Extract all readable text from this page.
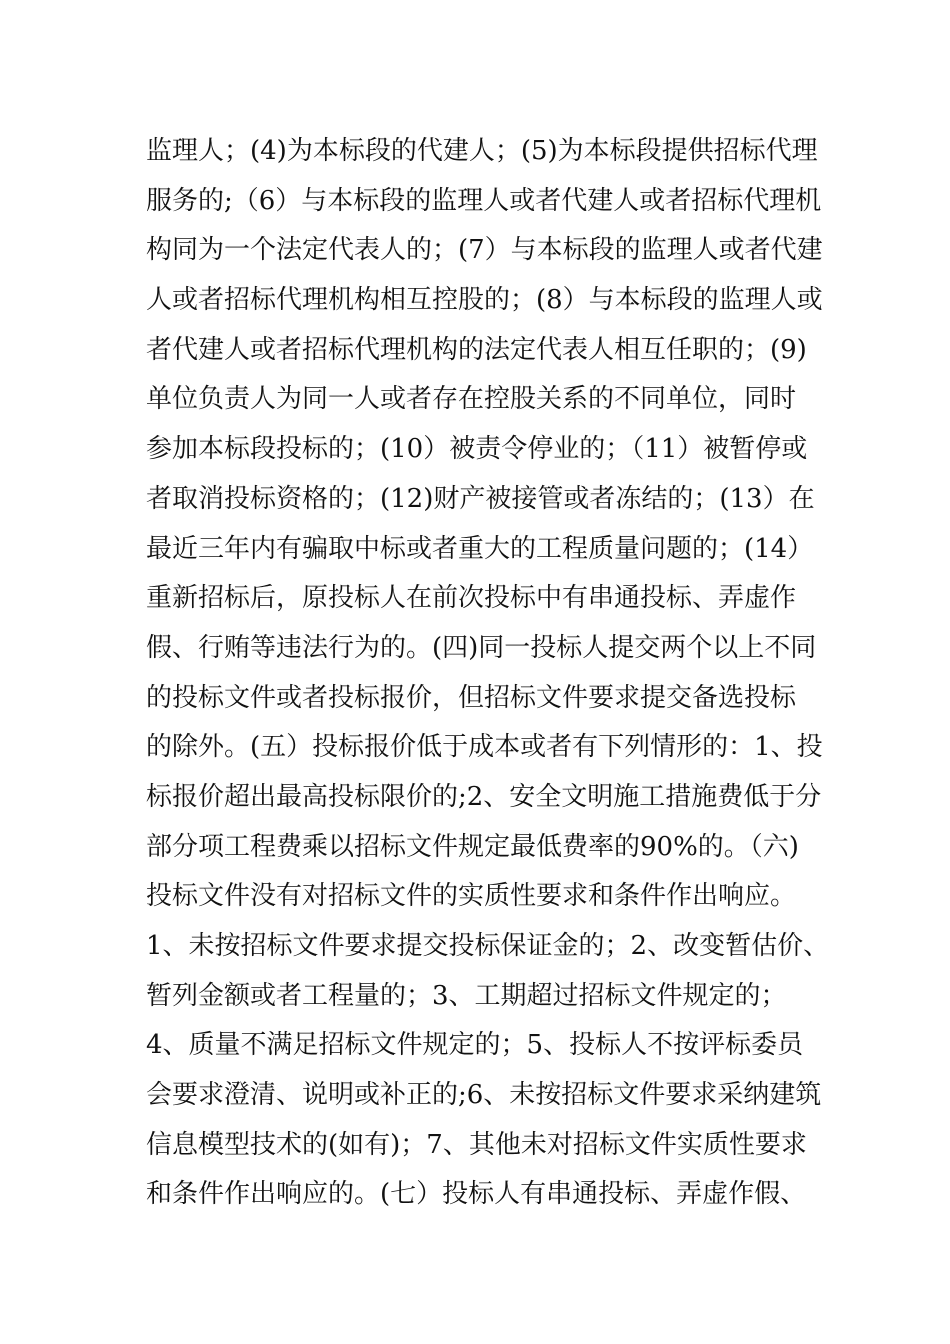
监理人；(4)为本标段的代建人；(5)为本标段提供招标代理
服务的;（6）与本标段的监理人或者代建人或者招标代理机
构同为一个法定代表人的；(7）与本标段的监理人或者代建
人或者招标代理机构相互控股的；(8）与本标段的监理人或
者代建人或者招标代理机构的法定代表人相互任职的；(9)
单位负责人为同一人或者存在控股关系的不同单位，同时
参加本标段投标的；(10）被责令停业的；（11）被暂停或
者取消投标资格的；(12)财产被接管或者冻结的；(13）在
最近三年内有骗取中标或者重大的工程质量问题的；(14）
重新招标后，原投标人在前次投标中有串通投标、弄虚作
假、行贿等违法行为的。(四)同一投标人提交两个以上不同
的投标文件或者投标报价，但招标文件要求提交备选投标
的除外。(五）投标报价低于成本或者有下列情形的：1、投
标报价超出最高投标限价的;2、安全文明施工措施费低于分
部分项工程费乘以招标文件规定最低费率的90%的。（六)
投标文件没有对招标文件的实质性要求和条件作出响应。
1、未按招标文件要求提交投标保证金的；2、改变暂估价、
暂列金额或者工程量的；3、工期超过招标文件规定的；
4、质量不满足招标文件规定的；5、投标人不按评标委员
会要求澄清、说明或补正的;6、未按招标文件要求采纳建筑
信息模型技术的(如有)；7、其他未对招标文件实质性要求
和条件作出响应的。(七）投标人有串通投标、弄虚作假、
